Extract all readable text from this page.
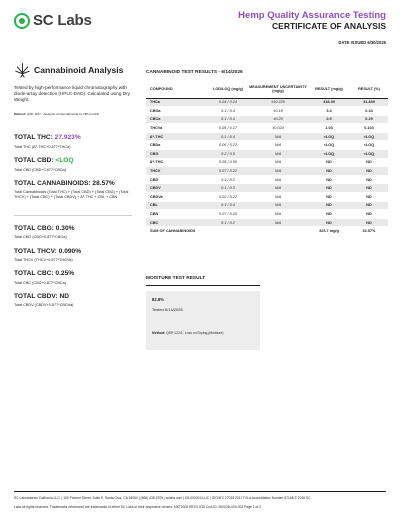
SC Labs	Hemp Quality Assurance Testing
CERTIFICATE OF ANALYSIS
DATE ISSUED 6/30/2026
Cannabinoid Analysis
Tested by high-performance liquid chromatography with diode-array detection (HPLC-DAD). Calculated using Dry Weight.
Method: QSP 1157 - Analysis of Cannabinoids by HPLC-DAD
TOTAL THC: 27.923%
Total THC (∆⁹-THC+0.877*THCa)
TOTAL CBD: <LOQ
Total CBD (CBD+0.877*CBDa)
TOTAL CANNABINOIDS: 28.57%
Total Cannabinoids (Total THC) + (Total CBD) + (Total CBG) + (Total THCV) + (Total CBC) + (Total CBDV) + ∆⁸-THC + CBL + CBN
TOTAL CBG: 0.30%
Total CBG (CBG+0.877*CBGa)
TOTAL THCV: 0.090%
Total THCV (THCV+0.877*THCVa)
TOTAL CBC: 0.25%
Total CBC (CBC+0.877*CBCa)
TOTAL CBDV: ND
Total CBDV (CBDV+0.877*CBDVa)
CANNABINOID TEST RESULTS - 6/14/2026
COMPOUND	LOD/LOQ (mg/g)	MEASUREMENT UNCERTAINTY (mg/g)	RESULT (mg/g)	RESULT (%)
THCa	0.04 / 0.24	±10.220	318.39	31.839
CBGa	0.1 / 0.4	±0.18	3.4	0.34
CBCa	0.1 / 0.4	±0.20	2.9	0.29
THCVa	0.05 / 0.17	±0.024	1.03	0.103
∆⁹-THC	0.1 / 0.4	N/A	<LOQ	<LOQ
CBDa	0.06 / 0.22	N/A	<LOQ	<LOQ
CBG	0.2 / 0.5	N/A	<LOQ	<LOQ
∆⁸-THC	0.05 / 0.50	N/A	ND	ND
THCV	0.07 / 0.21	N/A	ND	ND
CBD	0.1 / 0.2	N/A	ND	ND
CBDV	0.1 / 0.3	N/A	ND	ND
CBDVa	0.02 / 0.22	N/A	ND	ND
CBL	0.1 / 0.4	N/A	ND	ND
CBN	0.07 / 0.20	N/A	ND	ND
CBC	0.1 / 0.2	N/A	ND	ND
SUM OF CANNABINOIDS			325.7 mg/g	32.57%
MOISTURE TEST RESULT
82.8%
Tested 6/14/2026
Method: QSP 1224 - Loss on Drying (Moisture)
SC Laboratories California LLC. | 100 Pioneer Street, Suite E, Santa Cruz, CA 95060 | (866) 435-0709 | sclabs.com | C8-0000013-LIC | ISO/IEC 17025:2017 PJLA Accreditation Number 87168 © 2026 SC
Labs all rights reserved. Trademarks referenced are trademarks of either SC Labs or their respective owners. MKT0002 REV3 2/20 CoA ID: 250224L009-002 Page 2 of 2
